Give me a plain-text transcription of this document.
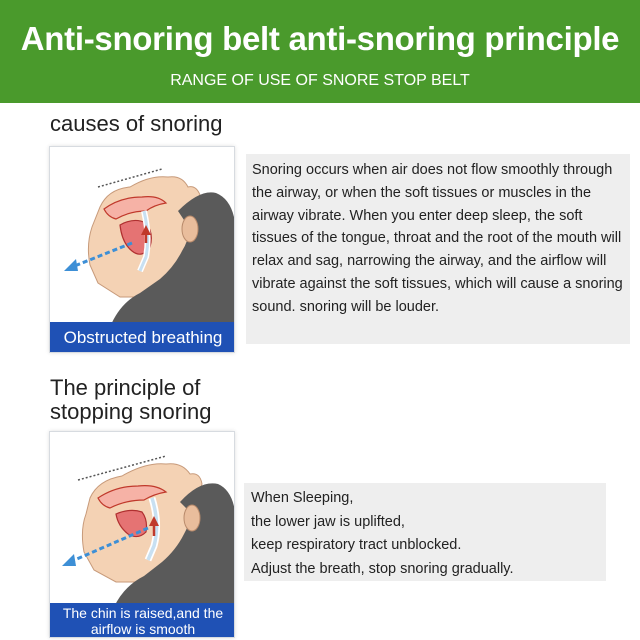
Anti-snoring belt anti-snoring principle
RANGE OF USE OF SNORE STOP BELT
causes of snoring
Obstructed breathing
Snoring occurs when air does not flow smoothly through the airway, or when the soft tissues or muscles in the airway vibrate. When you enter deep sleep, the soft tissues of the tongue, throat and the root of the mouth will relax and sag, narrowing the airway, and the airflow will vibrate against the soft tissues, which will cause a snoring sound. snoring will be louder.
The principle of stopping snoring
The chin is raised,and the airflow is smooth
When Sleeping,
the lower jaw is uplifted,
keep respiratory tract unblocked.
Adjust the breath, stop snoring gradually.
